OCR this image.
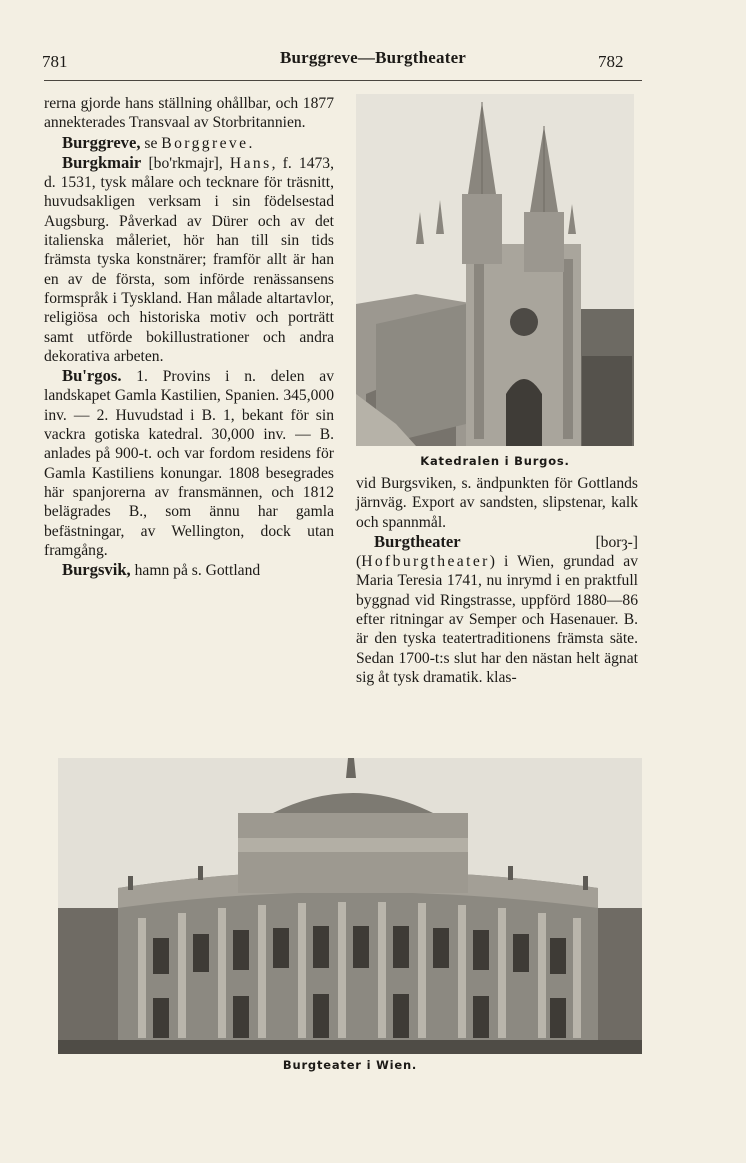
781	Burggreve—Burgtheater	782

rerna gjorde hans ställning ohållbar, och 1877 annekterades Transvaal av Storbritannien.

Burggreve, se Borggreve.

Burgkmair [bo'rkmajr], Hans, f. 1473, d. 1531, tysk målare och tecknare för träsnitt, huvudsakligen verksam i sin födelsestad Augsburg. Påverkad av Dürer och av det italienska måleriet, hör han till sin tids främsta tyska konstnärer; framför allt är han en av de första, som införde renässansens formspråk i Tyskland. Han målade altartavlor, religiösa och historiska motiv och porträtt samt utförde bokillustrationer och andra dekorativa arbeten.

Bu'rgos. 1. Provins i n. delen av landskapet Gamla Kastilien, Spanien. 345,000 inv. — 2. Huvudstad i B. 1, bekant för sin vackra gotiska katedral. 30,000 inv. — B. anlades på 900-t. och var fordom residens för Gamla Kastiliens konungar. 1808 besegrades här spanjorerna av fransmännen, och 1812 belägrades B., som ännu har gamla befästningar, av Wellington, dock utan framgång.

Burgsvik, hamn på s. Gottland

Katedralen i Burgos.

vid Burgsviken, s. ändpunkten för Gottlands järnväg. Export av sandsten, slipstenar, kalk och spannmål.

Burgtheater [borȝ-] (Hofburgtheater) i Wien, grundad av Maria Teresia 1741, nu inrymd i en praktfull byggnad vid Ringstrasse, uppförd 1880—86 efter ritningar av Semper och Hasenauer. B. är den tyska teatertraditionens främsta säte. Sedan 1700-t:s slut har den nästan helt ägnat sig åt tysk dramatik. klas-

Burgteater i Wien.
